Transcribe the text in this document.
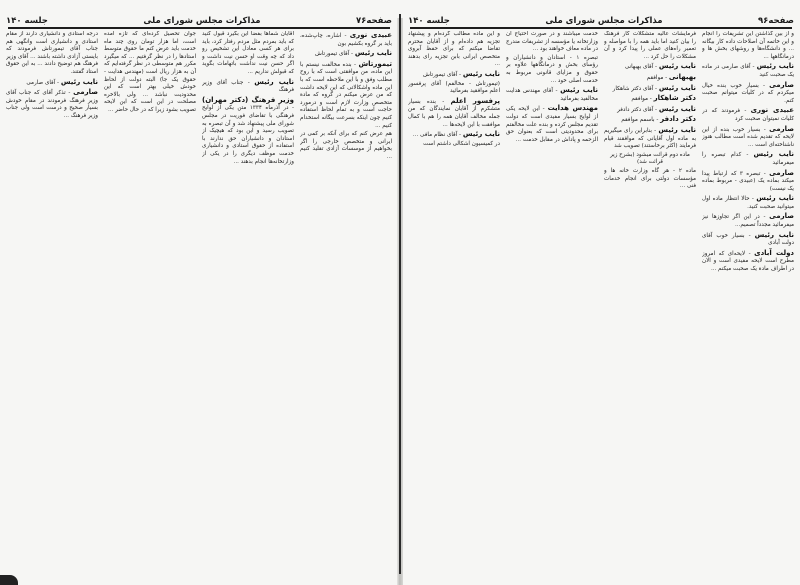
صفحه۷۶
مذاکرات مجلس شورای ملی
جلسه ۱۴۰

عبیدی نوری - اشاره، چاپ‌شده، باید بر گروه بکشیم بون

نایب رئیس - آقای تیمورتاش

تیمورتاش - بنده مخالفت نیستم با این ماده، من موافقتی است که با روح مطلب وفق و با این ملاحظه است که با این ماده واشکالاتی که این لایحه داشت که من عرض میکنم در گروه که مادة متخصص وزارت لازم است و درمورد حاجت است و به تمام لحاظ استفاده کنیم چون اینکه بسرعت بیگانه استخدام کنیم ...

هم عرض کنم که برای آنکه بر کمی در ایرانی و متخصص خارجی را اگر بخواهیم از موسسات آزادی تقلید کنیم ...

آقایان شماها بفضا این بگیرد قبول کنید که باید بمردم مثل مردم رفتار کرد، باید برای هر کسی معادل این تشخیص رو داد که چه وقت او حسن نیت داشت و اگر حسن نیت نداشت باتهامات بگوید که قبولش نداریم ...

نایب رئیس - جناب آقای وزیر فرهنگ

وزیر فرهنگ (دکتر مهران) - در آذرماه ۱۳۳۴ متن یکی از لوایح فرهنگی با تقاضای فوریت در مجلس شورای ملی پیشنهاد شد و آن تبصره به تصویب رسید و این بود که هیچیک از استادان و دانشیاران حق ندارند با استفاده از حقوق استادی و دانشیاری خدمت موظف دیگری را در یکی از وزارتخانه‌ها انجام بدهند ...

جوان تحصیل کرده‌ای که تازه آمده است، اما هزار تومان روی چند ماه خدمت باید عرض کنم ما حقوق متوسط استادها را در نظر گرفتیم ... که میگیرد مکرر هم متوسطی در نظر گرفته‌ایم که آن به هزار ریال است (مهندس هدایت - حقوق یک جا) البته دولت از لحاظ خودش خیلی بهتر است که این محدودیت نباشد ... ولی بالاخره مصلحت در این است که این لایحه تصویب بشود زیرا که در حال حاضر ...

درجه استادی و دانشیاری دارند از مقام استادی و دانشیاری است وانگهی هم جناب آقای تیمورتاش فرمودند که بایستی آزادی داشته باشند ... آقای وزیر فرهنگ هم توضیح دادند ... به این حقوق استاد گفتند.

نایب رئیس - آقای صارمی

صارمی - تذکر آقای که جناب آقای وزیر فرهنگ فرمودند در مقام خودش بسیار صحیح و درست است ولی جناب وزیر فرهنگ ...

صفحه۹۶
مذاکرات مجلس شورای ملی
جلسه ۱۴۰

و از بین گذاشتن این تشریفات را انجام و این خاتمه آن اصلاحات داده کار بیگانه ... و دانشگاه‌ها و روشهای بخش ها و درمانگاهها ...

نایب رئیس - آقای صارمی در ماده یک صحبت کنید

صارمی - بسیار خوب بنده خیال میکردم که در کلیات میتوانم صحبت کنم.

عبیدی نوری - فرمودند که در کلیات نمیتوان صحبت کرد

صارمی - بسیار خوب بنده از این لایحه که تقدیم شده است مطالب هنوز ناشناخته‌ای است ...

نایب رئیس - کدام تبصره را میفرمائید

صارمی - تبصره ۳ که ارتباط پیدا میکند بماده یک (عبیدی - مربوط بماده یک نیست)

نایب رئیس - حالا انتظار ماده اول میتوانید صحبت کنید.

صارمی - در این اگر تجاوزها نیز میفرمائید مجدداً تصمیم...

نایب رئیس - بسیار خوب آقای دولت آبادی

دولت آبادی - لایحه‌ای که امروز مطرح است لایحه مفیدی است و الان در اطراف مادة یک صحبت میکنم ...

فرمایشات عالیه متشکلات کار فرهنگ را بیان کنید اما باید همه را با مواصله و تعمیر راه‌های عملی را پیدا کرد و آن مشکلات را حل کرد ...

نایب رئیس - آقای بهبهانی

بهبهانی - موافقم

نایب رئیس - آقای دکتر شاهکار

دکتر شاهکار - موافقم

نایب رئیس - آقای دکتر دادفر

دکتر دادفر - باسمم موافقم

نایب رئیس - بنابراین رای میگیریم به ماده اول آقایانی که موافقند قیام فرمایند (اکثر برخاستند) تصویب شد

ماده دوم قرائت میشود (بشرح زیر قرائت شد)

ماده ۲ - هر گاه وزارت خانه ها و مؤسسات دولتی برای انجام خدمات فنی ...

خدمت میباشند و در صورت احتیاج آن وزارتخانه یا مؤسسه از تشریفات مندرج در ماده معاف خواهند بود ...

تبصره ۱ - استادان و دانشیاران و رؤسای بخش و درمانگاهها علاوه بر حقوق و مزایای قانونی مربوط به خدمت اصلی خود ...

نایب رئیس - آقای مهندس هدایت مخالفید بفرمائید

مهندس هدایت - این لایحه یکی از لوایح بسیار مفیدی است که دولت تقدیم مجلس کرده و بنده علت مخالفتم برای محدودیتی است که بعنوان حق الزحمه و پاداش در مقابل خدمت ...

و این ماده مطالب گرده‌ام و پیشنهاد تجزیه هم داده‌ام و از آقایان محترم تقاضا میکنم که برای حفظ آبروی متخصص ایرانی بابن تجزیه رای بدهند ...

نایب رئیس - آقای تیمورتاش

(تیمورتاش - مخالفم) آقای پرفسور اعلم موافقید بفرمائید

پرفسور اعلم - بنده بسیار متشکرم از آقایان نمایندگان که من جمله مخالف آقایان همه را هم با کمال موافقت با این لایحه‌ها ...

نایب رئیس - آقای نظام مافی ...

در کمیسیون اشکالی داشتم است
